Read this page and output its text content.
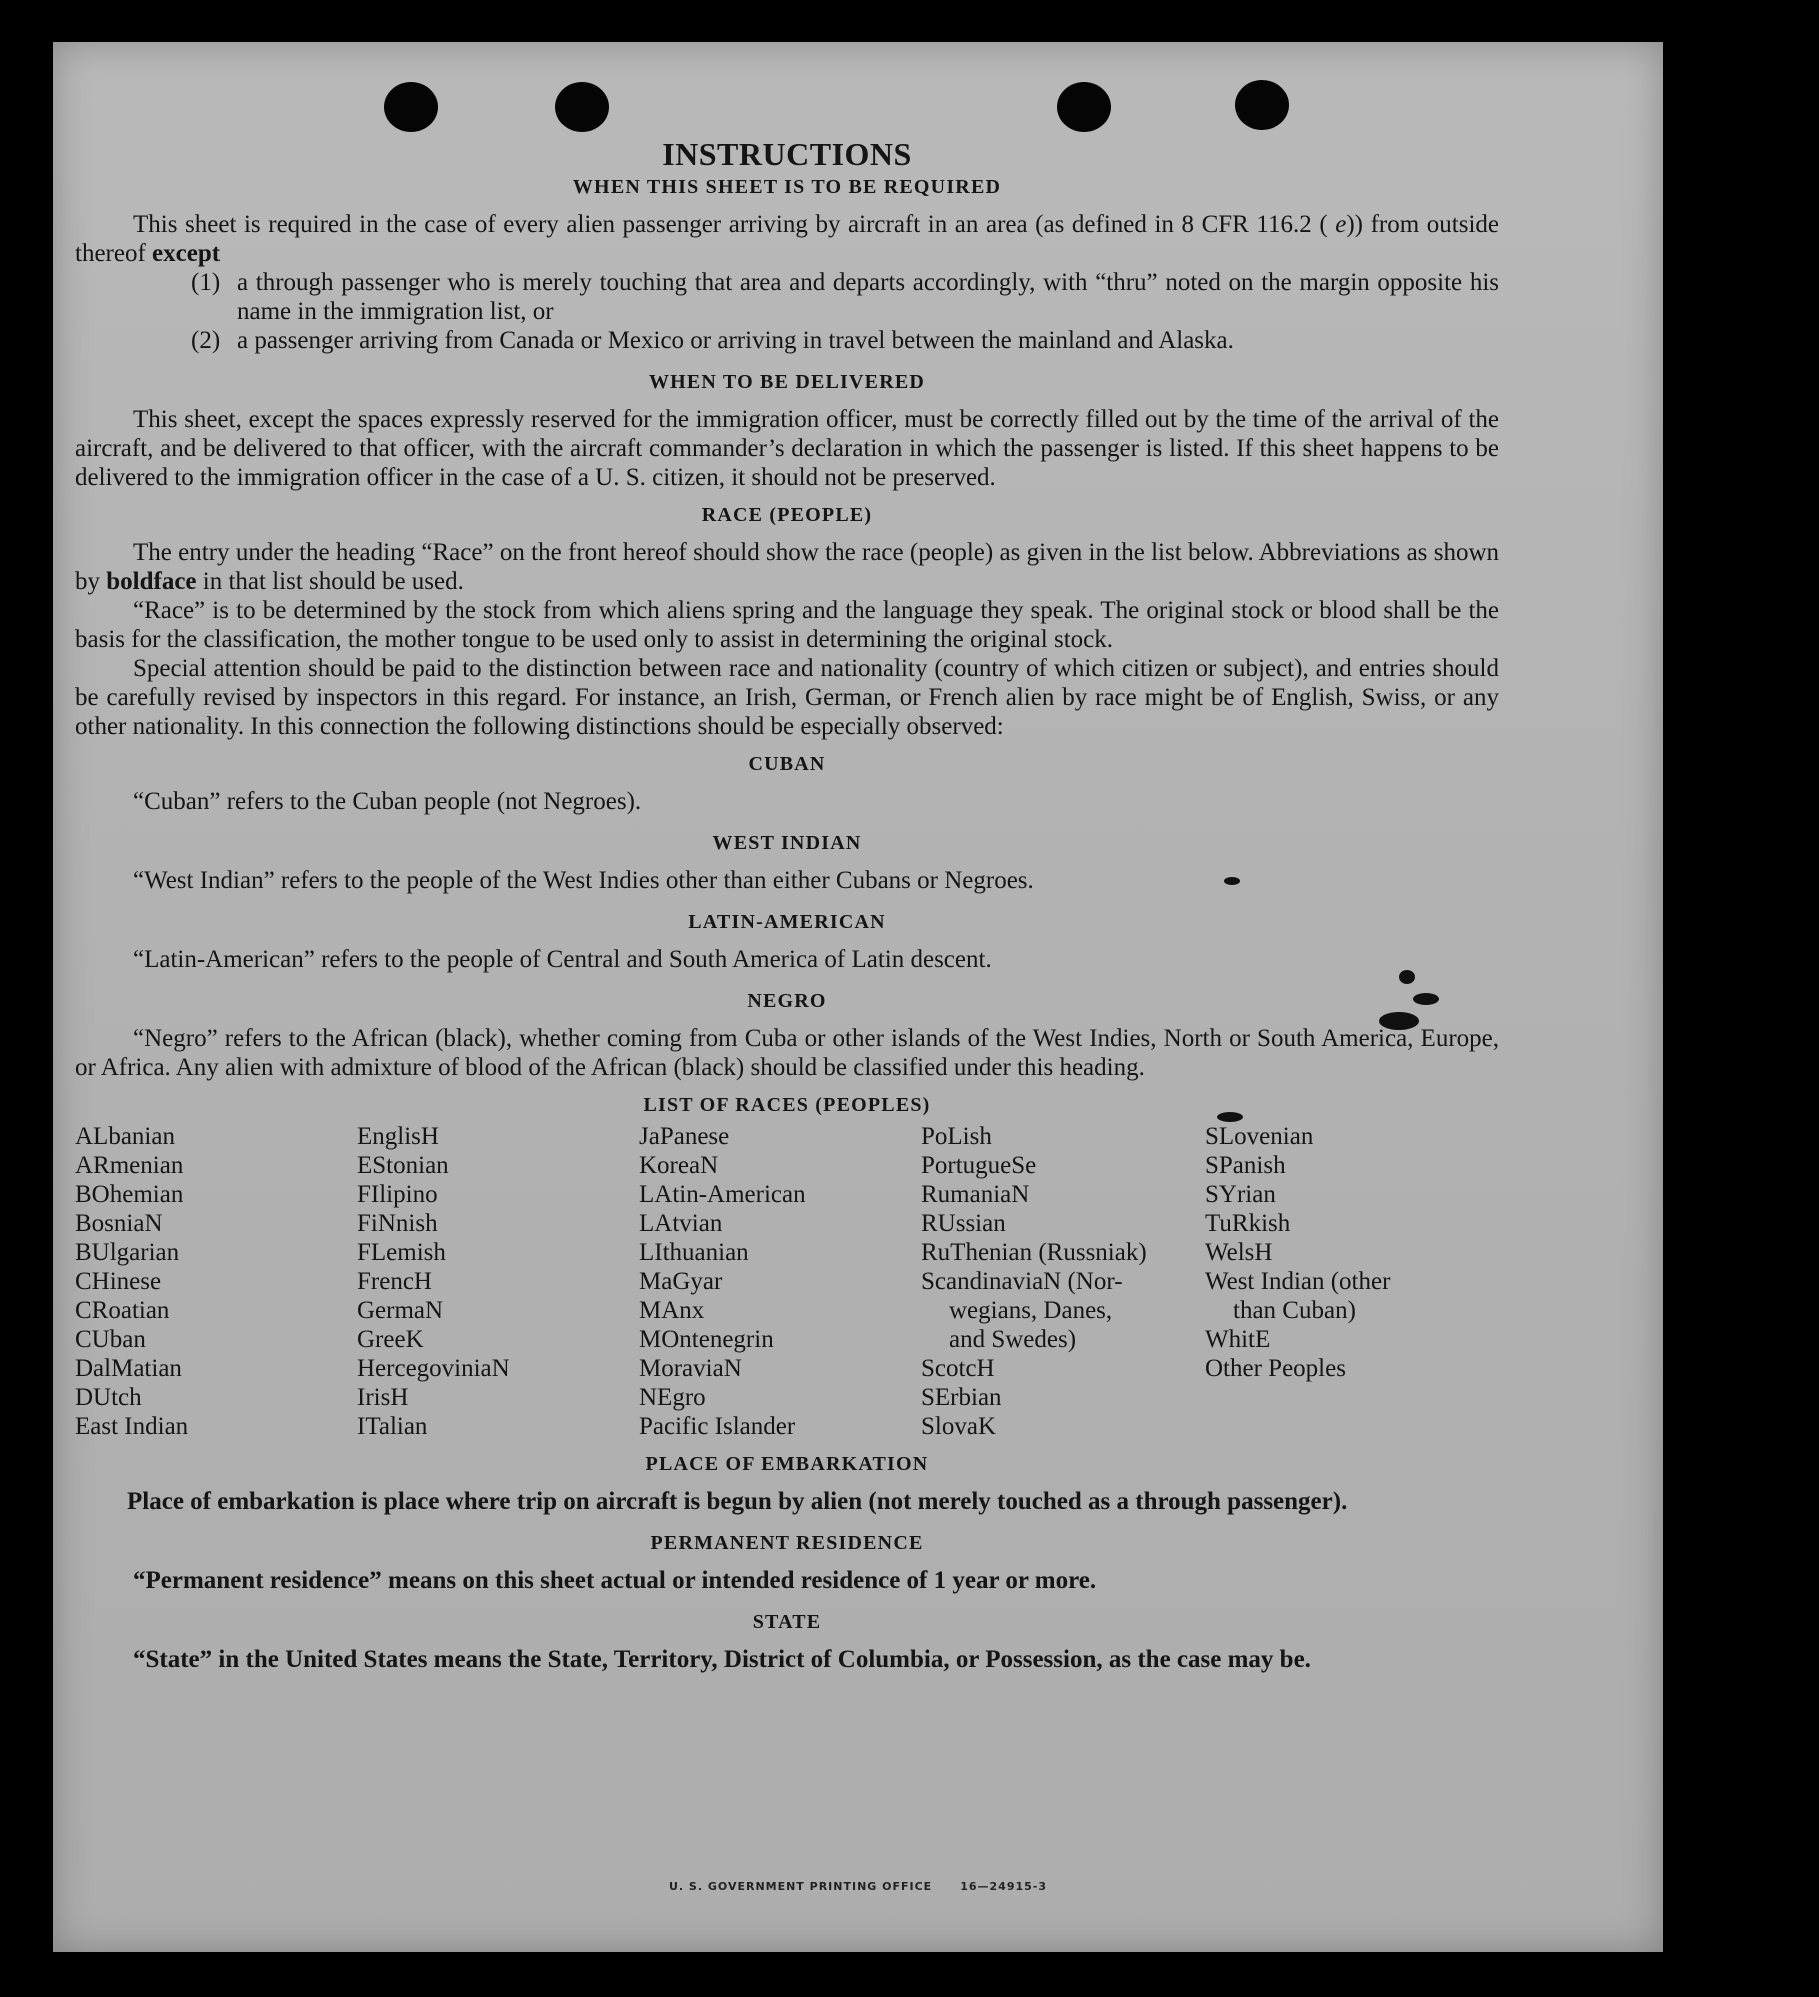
INSTRUCTIONS
WHEN THIS SHEET IS TO BE REQUIRED

This sheet is required in the case of every alien passenger arriving by aircraft in an area (as defined in 8 CFR 116.2 ( e)) from outside thereof except

(1) a through passenger who is merely touching that area and departs accordingly, with “thru” noted on the margin opposite his name in the immigration list, or
(2) a passenger arriving from Canada or Mexico or arriving in travel between the mainland and Alaska.
WHEN TO BE DELIVERED

This sheet, except the spaces expressly reserved for the immigration officer, must be correctly filled out by the time of the arrival of the aircraft, and be delivered to that officer, with the aircraft commander’s declaration in which the passenger is listed. If this sheet happens to be delivered to the immigration officer in the case of a U. S. citizen, it should not be preserved.

RACE (PEOPLE)

The entry under the heading “Race” on the front hereof should show the race (people) as given in the list below. Abbreviations as shown by boldface in that list should be used.

“Race” is to be determined by the stock from which aliens spring and the language they speak. The original stock or blood shall be the basis for the classification, the mother tongue to be used only to assist in determining the original stock.

Special attention should be paid to the distinction between race and nationality (country of which citizen or subject), and entries should be carefully revised by inspectors in this regard. For instance, an Irish, German, or French alien by race might be of English, Swiss, or any other nationality. In this connection the following distinctions should be especially observed:

CUBAN

“Cuban” refers to the Cuban people (not Negroes).

WEST INDIAN

“West Indian” refers to the people of the West Indies other than either Cubans or Negroes.

LATIN-AMERICAN

“Latin-American” refers to the people of Central and South America of Latin descent.

NEGRO

“Negro” refers to the African (black), whether coming from Cuba or other islands of the West Indies, North or South America, Europe, or Africa. Any alien with admixture of blood of the African (black) should be classified under this heading.

LIST OF RACES (PEOPLES)
ALbanian
ARmenian
BOhemian
BosniaN
BUlgarian
CHinese
CRoatian
CUban
DalMatian
DUtch
East Indian
EnglisH
EStonian
FIlipino
FiNnish
FLemish
FrencH
GermaN
GreeK
HercegoviniaN
IrisH
ITalian
JaPanese
KoreaN
LAtin-American
LAtvian
LIthuanian
MaGyar
MAnx
MOntenegrin
MoraviaN
NEgro
Pacific Islander
PoLish
PortugueSe
RumaniaN
RUssian
RuThenian (Russniak)
ScandinaviaN (Nor-
wegians, Danes,
and Swedes)
ScotcH
SErbian
SlovaK
SLovenian
SPanish
SYrian
TuRkish
WelsH
West Indian (other
than Cuban)
WhitE
Other Peoples
PLACE OF EMBARKATION

Place of embarkation is place where trip on aircraft is begun by alien (not merely touched as a through passenger).

PERMANENT RESIDENCE

“Permanent residence” means on this sheet actual or intended residence of 1 year or more.

STATE

“State” in the United States means the State, Territory, District of Columbia, or Possession, as the case may be.

U. S. GOVERNMENT PRINTING OFFICE	16—24915-3
